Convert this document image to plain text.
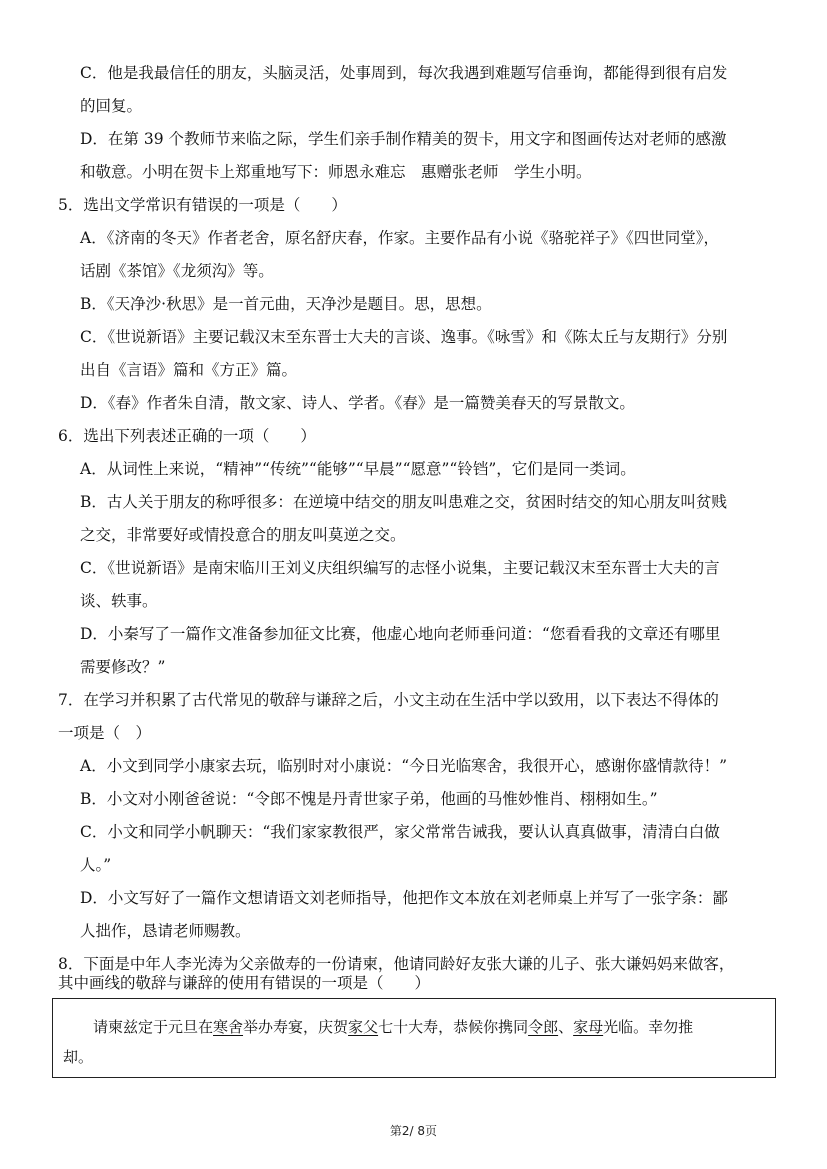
C．他是我最信任的朋友，头脑灵活，处事周到，每次我遇到难题写信垂询，都能得到很有启发
的回复。
D．在第 39 个教师节来临之际，学生们亲手制作精美的贺卡，用文字和图画传达对老师的感激
和敬意。小明在贺卡上郑重地写下：师恩永难忘　惠赠张老师　学生小明。
5．选出文学常识有错误的一项是（　　）
A．《济南的冬天》作者老舍，原名舒庆春，作家。主要作品有小说《骆驼祥子》《四世同堂》，
话剧《茶馆》《龙须沟》等。
B．《天净沙·秋思》是一首元曲，天净沙是题目。思，思想。
C．《世说新语》主要记载汉末至东晋士大夫的言谈、逸事。《咏雪》和《陈太丘与友期行》分别
出自《言语》篇和《方正》篇。
D．《春》作者朱自清，散文家、诗人、学者。《春》是一篇赞美春天的写景散文。
6．选出下列表述正确的一项（　　）
A．从词性上来说，“精神”“传统”“能够”“早晨”“愿意”“铃铛”，它们是同一类词。
B．古人关于朋友的称呼很多：在逆境中结交的朋友叫患难之交，贫困时结交的知心朋友叫贫贱
之交，非常要好或情投意合的朋友叫莫逆之交。
C．《世说新语》是南宋临川王刘义庆组织编写的志怪小说集，主要记载汉末至东晋士大夫的言
谈、轶事。
D．小秦写了一篇作文准备参加征文比赛，他虚心地向老师垂问道：“您看看我的文章还有哪里
需要修改？”
7．在学习并积累了古代常见的敬辞与谦辞之后，小文主动在生活中学以致用，以下表达不得体的
一项是（　）
A．小文到同学小康家去玩，临别时对小康说：“今日光临寒舍，我很开心，感谢你盛情款待！”
B．小文对小刚爸爸说：“令郎不愧是丹青世家子弟，他画的马惟妙惟肖、栩栩如生。”
C．小文和同学小帆聊天：“我们家家教很严，家父常常告诫我，要认认真真做事，清清白白做
人。”
D．小文写好了一篇作文想请语文刘老师指导，他把作文本放在刘老师桌上并写了一张字条：鄙
人拙作，恳请老师赐教。
8．下面是中年人李光涛为父亲做寿的一份请柬，他请同龄好友张大谦的儿子、张大谦妈妈来做客，
其中画线的敬辞与谦辞的使用有错误的一项是（　　）
请柬兹定于元旦在寒舍举办寿宴，庆贺家父七十大寿，恭候你携同令郎、家母光临。幸勿推
却。
第2/ 8页
